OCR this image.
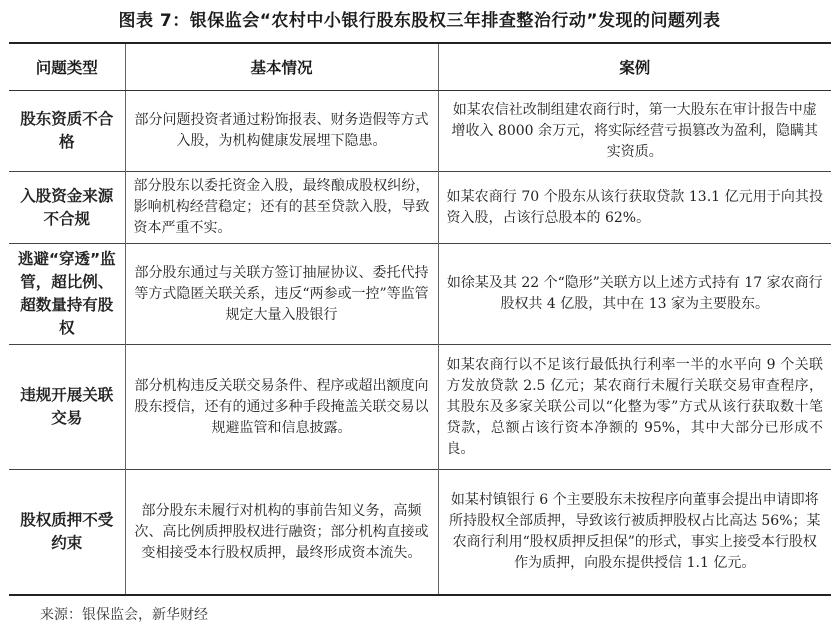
图表 7：银保监会“农村中小银行股东股权三年排查整治行动”发现的问题列表
问题类型	基本情况	案例
股东资质不合格	部分问题投资者通过粉饰报表、财务造假等方式入股，为机构健康发展埋下隐患。	如某农信社改制组建农商行时，第一大股东在审计报告中虚增收入 8000 余万元，将实际经营亏损篡改为盈利，隐瞒其实资质。
入股资金来源不合规	部分股东以委托资金入股，最终酿成股权纠纷，影响机构经营稳定；还有的甚至贷款入股，导致资本严重不实。	如某农商行 70 个股东从该行获取贷款 13.1 亿元用于向其投资入股，占该行总股本的 62%。
逃避“穿透”监管，超比例、超数量持有股权	部分股东通过与关联方签订抽屉协议、委托代持等方式隐匿关联关系，违反“两参或一控”等监管规定大量入股银行	如徐某及其 22 个“隐形”关联方以上述方式持有 17 家农商行股权共 4 亿股，其中在 13 家为主要股东。
违规开展关联交易	部分机构违反关联交易条件、程序或超出额度向股东授信，还有的通过多种手段掩盖关联交易以规避监管和信息披露。	如某农商行以不足该行最低执行利率一半的水平向 9 个关联方发放贷款 2.5 亿元；某农商行未履行关联交易审查程序，其股东及多家关联公司以“化整为零”方式从该行获取数十笔贷款，总额占该行资本净额的 95%，其中大部分已形成不良。
股权质押不受约束	部分股东未履行对机构的事前告知义务，高频次、高比例质押股权进行融资；部分机构直接或变相接受本行股权质押，最终形成资本流失。	如某村镇银行 6 个主要股东未按程序向董事会提出申请即将所持股权全部质押，导致该行被质押股权占比高达 56%；某农商行利用“股权质押反担保”的形式，事实上接受本行股权作为质押，向股东提供授信 1.1 亿元。
来源：银保监会，新华财经
